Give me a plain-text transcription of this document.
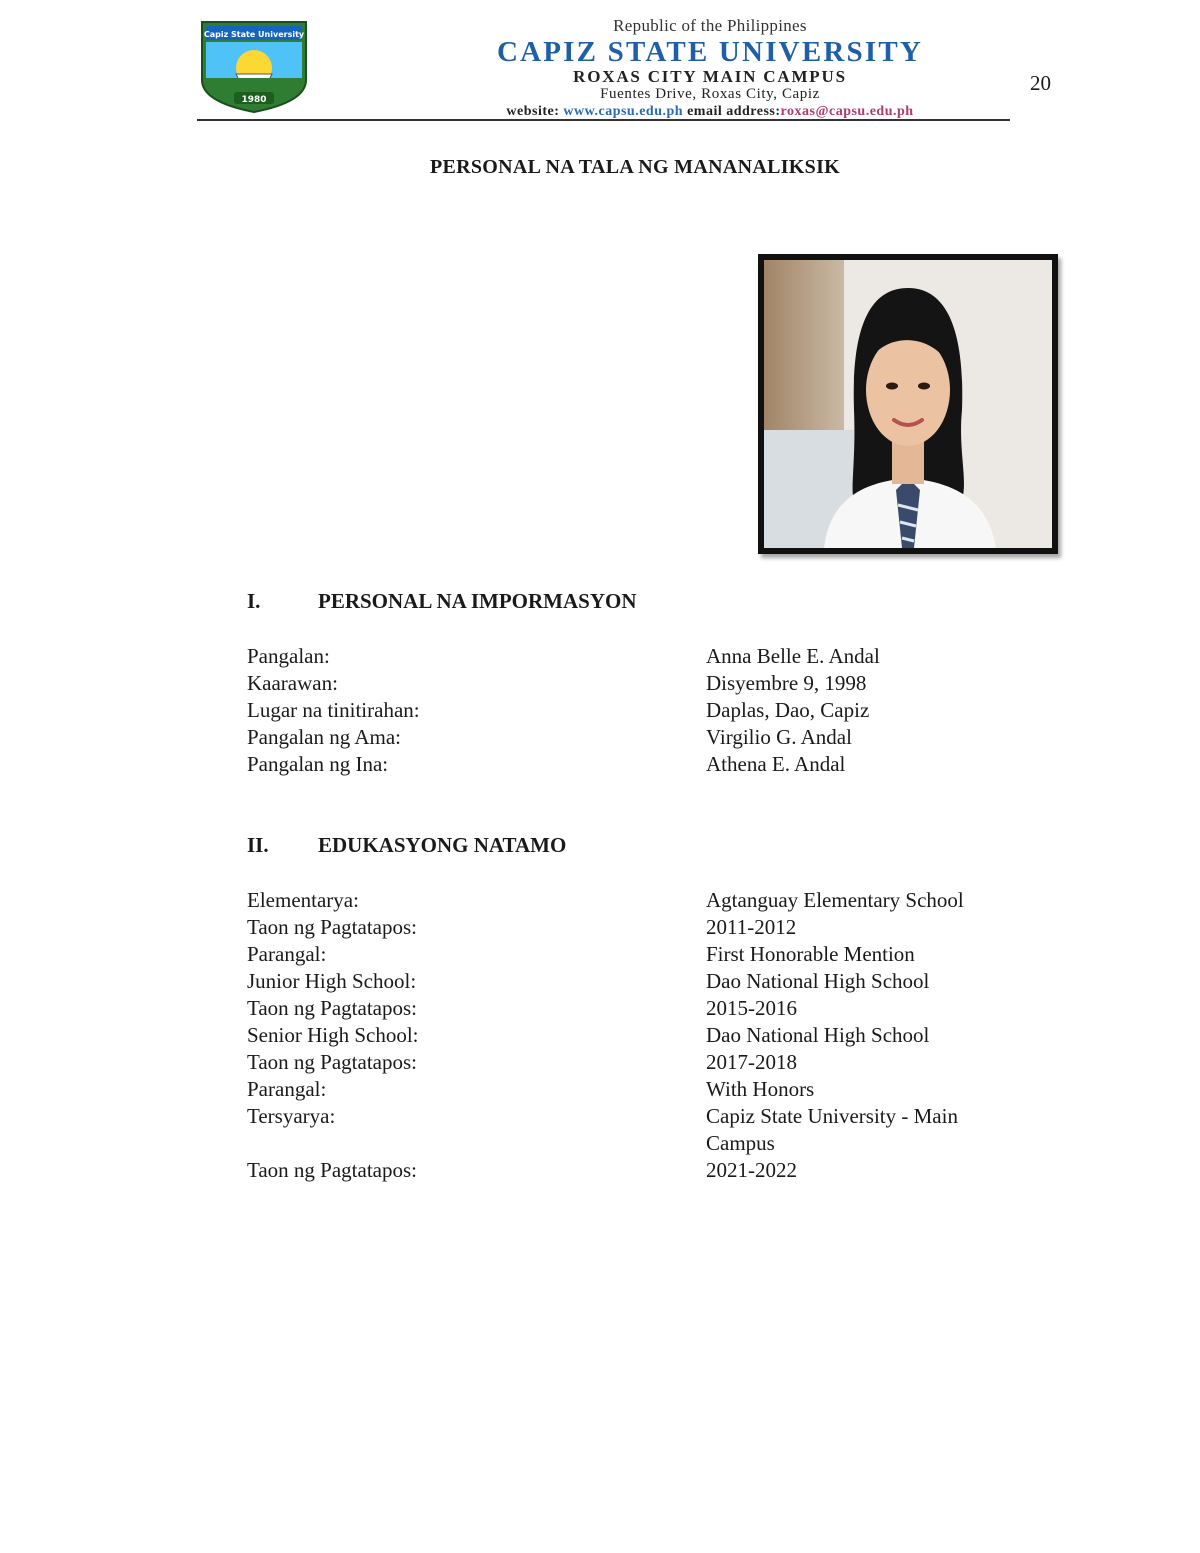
Capiz State University
1980
Republic of the Philippines
CAPIZ STATE UNIVERSITY
ROXAS CITY MAIN CAMPUS
Fuentes Drive, Roxas City, Capiz
website: www.capsu.edu.ph email address:roxas@capsu.edu.ph
20
PERSONAL NA TALA NG MANANALIKSIK
I.	PERSONAL NA IMPORMASYON
Pangalan:	Anna Belle E. Andal
Kaarawan:	Disyembre 9, 1998
Lugar na tinitirahan:	Daplas, Dao, Capiz
Pangalan ng Ama:	Virgilio G. Andal
Pangalan ng Ina:	Athena E. Andal
II. EDUKASYONG NATAMO
Elementarya:	Agtanguay Elementary School
Taon ng Pagtatapos:	2011-2012
Parangal:	First Honorable Mention
Junior High School:	Dao National High School
Taon ng Pagtatapos:	2015-2016
Senior High School:	Dao National High School
Taon ng Pagtatapos:	2017-2018
Parangal:	With Honors
Tersyarya:	Capiz State University - Main Campus
Taon ng Pagtatapos:	2021-2022
